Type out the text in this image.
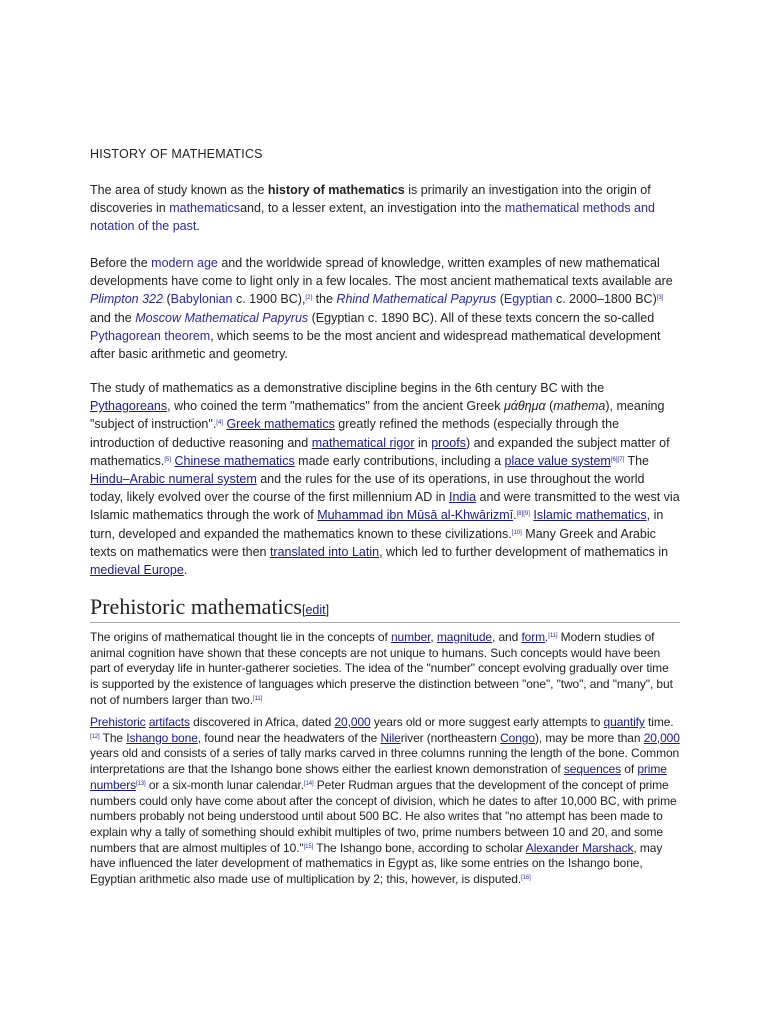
HISTORY OF MATHEMATICS

The area of study known as the history of mathematics is primarily an investigation into the origin of discoveries in mathematicsand, to a lesser extent, an investigation into the mathematical methods and notation of the past.

Before the modern age and the worldwide spread of knowledge, written examples of new mathematical developments have come to light only in a few locales. The most ancient mathematical texts available are Plimpton 322 (Babylonian c. 1900 BC),[2] the Rhind Mathematical Papyrus (Egyptian c. 2000–1800 BC)[3] and the Moscow Mathematical Papyrus (Egyptian c. 1890 BC). All of these texts concern the so-called Pythagorean theorem, which seems to be the most ancient and widespread mathematical development after basic arithmetic and geometry.

The study of mathematics as a demonstrative discipline begins in the 6th century BC with the Pythagoreans, who coined the term "mathematics" from the ancient Greek μάθημα (mathema), meaning "subject of instruction".[4] Greek mathematics greatly refined the methods (especially through the introduction of deductive reasoning and mathematical rigor in proofs) and expanded the subject matter of mathematics.[5] Chinese mathematics made early contributions, including a place value system[6][7] The Hindu–Arabic numeral system and the rules for the use of its operations, in use throughout the world today, likely evolved over the course of the first millennium AD in India and were transmitted to the west via Islamic mathematics through the work of Muhammad ibn Mūsā al-Khwārizmī.[8][9] Islamic mathematics, in turn, developed and expanded the mathematics known to these civilizations.[10] Many Greek and Arabic texts on mathematics were then translated into Latin, which led to further development of mathematics in medieval Europe.

Prehistoric mathematics[edit]

The origins of mathematical thought lie in the concepts of number, magnitude, and form.[11] Modern studies of animal cognition have shown that these concepts are not unique to humans. Such concepts would have been part of everyday life in hunter-gatherer societies. The idea of the "number" concept evolving gradually over time is supported by the existence of languages which preserve the distinction between "one", "two", and "many", but not of numbers larger than two.[11]

Prehistoric artifacts discovered in Africa, dated 20,000 years old or more suggest early attempts to quantify time.[12] The Ishango bone, found near the headwaters of the Nileriver (northeastern Congo), may be more than 20,000 years old and consists of a series of tally marks carved in three columns running the length of the bone. Common interpretations are that the Ishango bone shows either the earliest known demonstration of sequences of prime numbers[13] or a six-month lunar calendar.[14] Peter Rudman argues that the development of the concept of prime numbers could only have come about after the concept of division, which he dates to after 10,000 BC, with prime numbers probably not being understood until about 500 BC. He also writes that "no attempt has been made to explain why a tally of something should exhibit multiples of two, prime numbers between 10 and 20, and some numbers that are almost multiples of 10."[15] The Ishango bone, according to scholar Alexander Marshack, may have influenced the later development of mathematics in Egypt as, like some entries on the Ishango bone, Egyptian arithmetic also made use of multiplication by 2; this, however, is disputed.[16]
